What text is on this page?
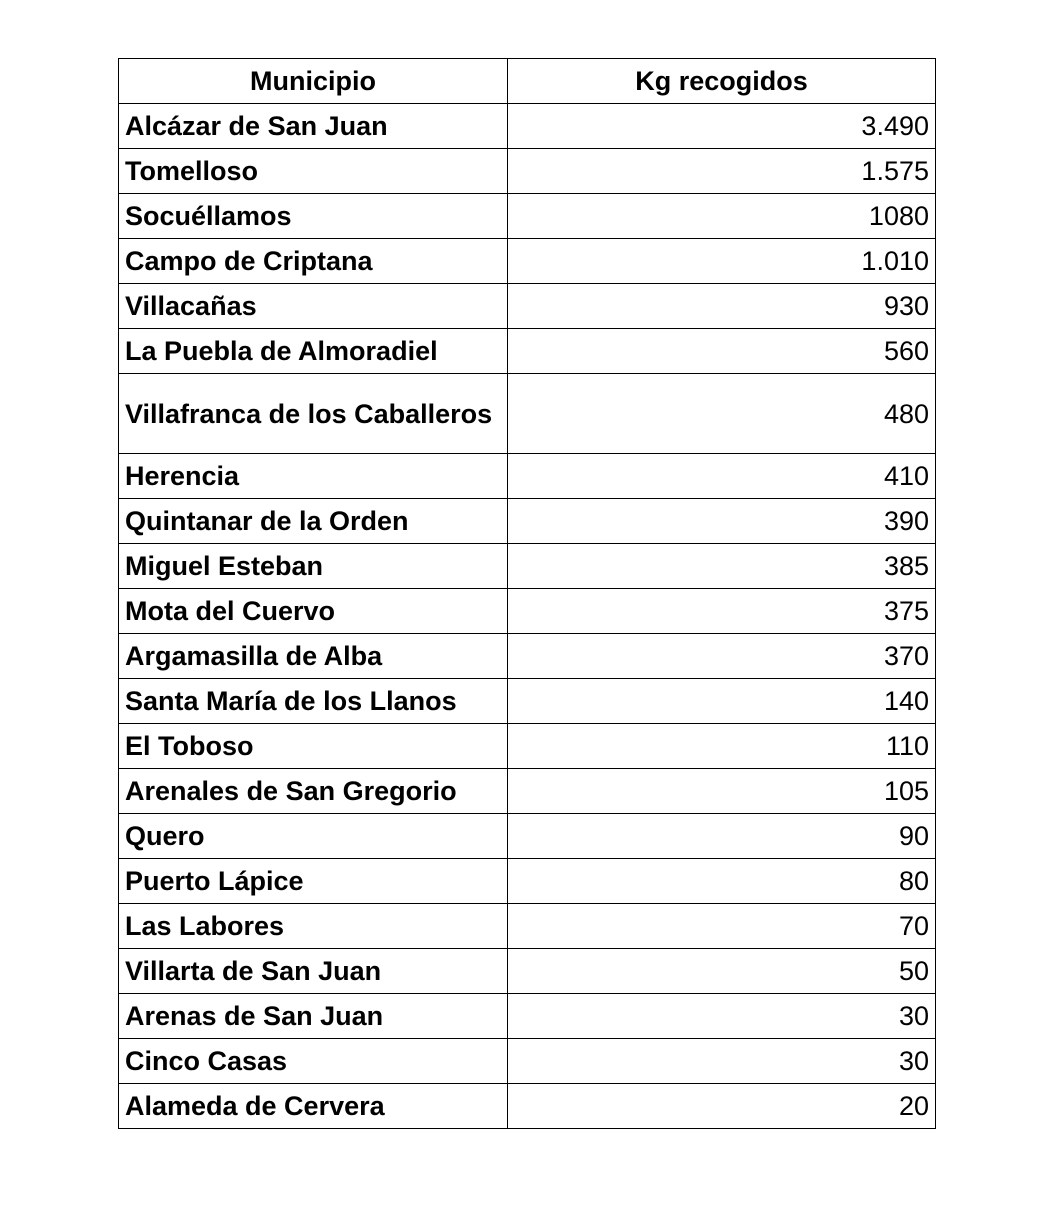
Municipio	Kg recogidos
Alcázar de San Juan	3.490
Tomelloso	1.575
Socuéllamos	1080
Campo de Criptana	1.010
Villacañas	930
La Puebla de Almoradiel	560
Villafranca de los Caballeros	480
Herencia	410
Quintanar de la Orden	390
Miguel Esteban	385
Mota del Cuervo	375
Argamasilla de Alba	370
Santa María de los Llanos	140
El Toboso	110
Arenales de San Gregorio	105
Quero	90
Puerto Lápice	80
Las Labores	70
Villarta de San Juan	50
Arenas de San Juan	30
Cinco Casas	30
Alameda de Cervera	20
